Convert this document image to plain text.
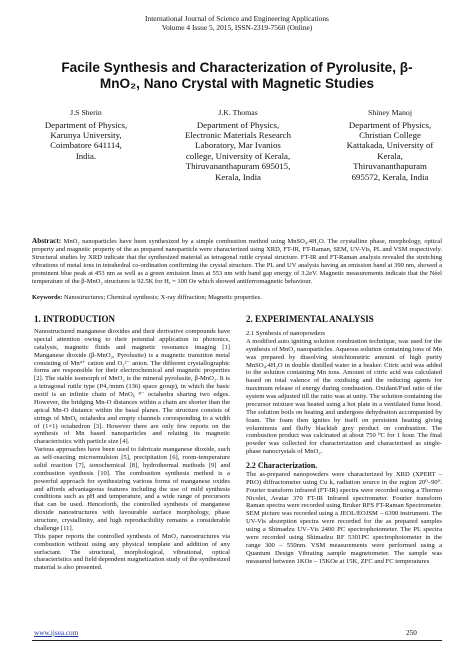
International Journal of Science and Engineering Applications
Volume 4 Issue 5, 2015, ISSN-2319-7560 (Online)
Facile Synthesis and Characterization of Pyrolusite, β-
MnO₂, Nano Crystal with Magnetic Studies
J.S Sherin
Department of Physics,
Karunya University,
Coimbatore 641114,
India.
J.K. Thomas
Department of Physics,
Electronic Materials Research
Laboratory, Mar Ivanios
college, University of Kerala,
Thiruvananthapuram 695015,
Kerala, India
Shiney Manoj
Department of Physics,
Christian College
Kattakada, University of
Kerala,
Thiruvananthapuram
695572, Kerala, India
Abstract: MnO₂ nanoparticles have been synthesized by a simple combustion method using MnSO₄.4H₂O. The crystalline phase, morphology, optical property and magnetic property of the as prepared nanoparticle were characterized using XRD, FT-IR, FT-Raman, SEM, UV-Vis, PL and VSM respectively. Structural studies by XRD indicate that the synthesized material as tetragonal rutile crystal structure. FT-IR and FT-Raman analysis revealed the stretching vibrations of metal ions in tetrahedral co-ordination confirming the crystal structure. The PL and UV analysis having an emission band at 390 nm, showed a prominent blue peak at 453 nm as well as a green emission lines at 553 nm with band gap energy of 3.2eV. Magnetic measurements indicate that the Néel temperature of the β-MnO₂ structures is 92.5K for Hₑ = 100 Oe which showed antiferromagnetic behaviour.
Keywords: Nanostructures; Chemical synthesis; X-ray diffraction; Magnetic properties.
1. INTRODUCTION
Nanostructured manganese dioxides and their derivative compounds have special attention owing to their potential application in photonics, catalysis, magnetic fluids and magnetic resonance imaging [1] Manganese dioxide (β-MnO₂, Pyrolusite) is a magnetic transition metal consisting of Mn⁴⁺ cation and O₂²⁻ anion. The different crystallographic forms are responsible for their electrochemical and magnetic properties [2]. The stable isomorph of MnO₂ is the mineral pyrolusite, β-MnO₂. It is a tetragonal rutile type (P4₂/mnm (136) space group), in which the basic motif is an infinite chain of MnO₆ ⁸⁻ octahedra sharing two edges. However, the bridging Mn-O distances within a chain are shorter than the apical Mn-O distance within the basal planes. The structure consists of strings of MnO₆ octahedra and empty channels corresponding to a width of (1×1) octahedron [3]. However there are only few reports on the synthesis of Mn based nanoparticles and relating its magnetic characteristics with particle size [4].
Various approaches have been used to fabricate manganese dioxide, such as self-reacting microemulsion [5], precipitation [6], room-temperature solid reaction [7], sonochemical [8], hydrothermal methods [9] and combustion synthesis [10]. The combustion synthesis method is a powerful approach for synthesizing various forms of manganese oxides and affords advantageous features including the use of mild synthesis conditions such as pH and temperature, and a wide range of precursors that can be used. Henceforth, the controlled synthesis of manganese dioxide nanostructures with favourable surface morphology, phase structure, crystallinity, and high reproducibility remains a considerable challenge [11].
This paper reports the controlled synthesis of MnO₂ nanostructures via combustion without using any physical template and addition of any surfactant. The structural, morphological, vibrational, optical characteristics and field dependent magnetization study of the synthesized material is also presented.
2. EXPERIMENTAL ANALYSIS
2.1 Synthesis of nanopowders
A modified auto igniting solution combustion technique, was used for the synthesis of MnO₂ nanoparticles. Aqueous solution containing ions of Mn was prepared by dissolving stoichiometric amount of high purity MnSO₄.4H₂O in double distilled water in a beaker. Citric acid was added to the solution containing Mn ions. Amount of citric acid was calculated based on total valence of the oxidising and the reducing agents for maximum release of energy during combustion. Oxidant/Fuel ratio of the system was adjusted till the ratio was at unity. The solution containing the precursor mixture was heated using a hot plate in a ventilated fume hood. The solution boils on heating and undergoes dehydration accompanied by foam. The foam then ignites by itself on persistent heating giving voluminous and fluffy blackish grey product on combustion. The combustion product was calcinated at about 750 ⁰C for 1 hour. The final powder was collected for characterization and characterised as single-phase nanocrystals of MnO₂.
2.2 Characterization.
The as-prepared nanopowders were characterized by XRD (XPERT – PRO) diffractometer using Cu kₐ radiation source in the region 20⁰–90⁰. Fourier transform infrared (FT-IR) spectra were recorded using a Thermo Nicolet, Avatar 370 FT-IR Infrared spectrometer. Fourier transform Raman spectra were recorded using Bruker RFS FT-Raman Spectrometer. SEM picture was recorded using a JEOL/EOJSM – 6390 instrument. The UV-Vis absorption spectra were recorded for the as prepared samples using a Shimadzu UV–Vis 2400 PC spectrophotometer. The PL spectra were recorded using Shimadzu RF 5301PC spectrophotometer in the range 300 – 550nm. VSM measurements were performed using a Quantum Design Vibrating sample magnetometer. The sample was measured between 1KOe – 15KOe at 15K, ZFC and FC temperatures
www.ijsea.com	250
